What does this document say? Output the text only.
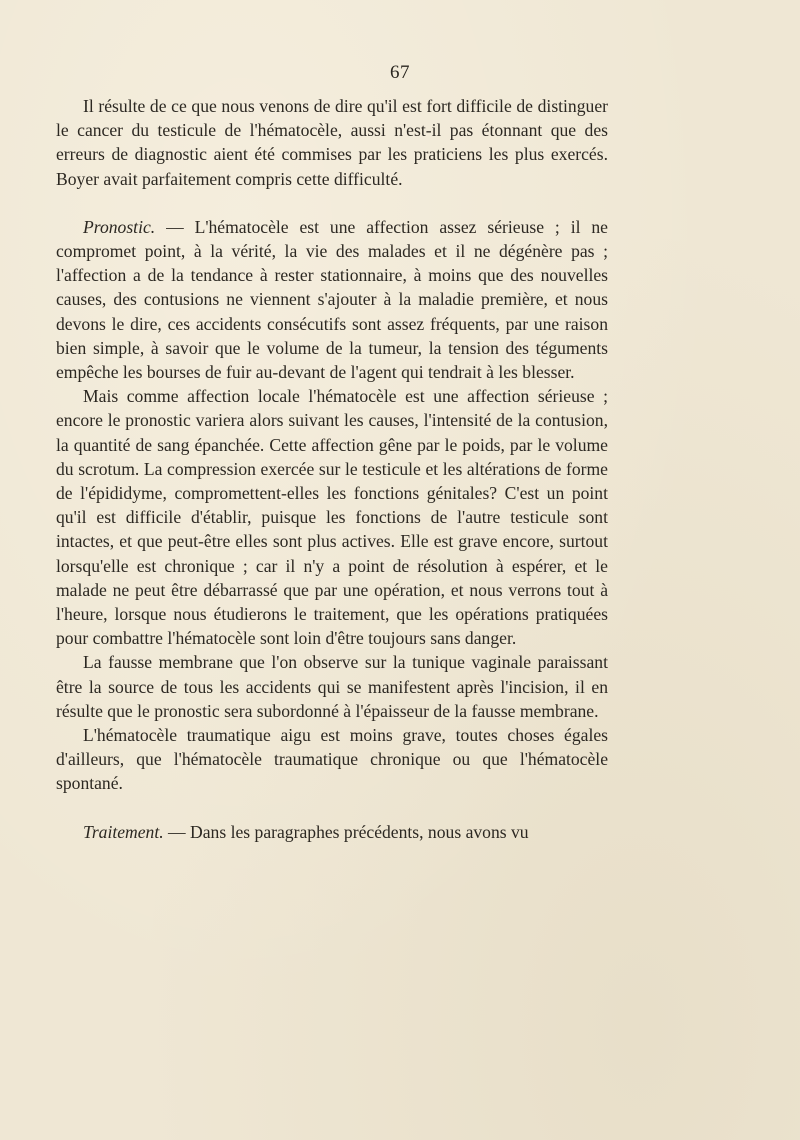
67

Il résulte de ce que nous venons de dire qu'il est fort difficile de distinguer le cancer du testicule de l'hématocèle, aussi n'est-il pas étonnant que des erreurs de diagnostic aient été commises par les praticiens les plus exercés. Boyer avait parfaitement compris cette difficulté.

Pronostic. — L'hématocèle est une affection assez sérieuse ; il ne compromet point, à la vérité, la vie des malades et il ne dégénère pas ; l'affection a de la tendance à rester stationnaire, à moins que des nouvelles causes, des contusions ne viennent s'ajouter à la maladie première, et nous devons le dire, ces accidents consécutifs sont assez fréquents, par une raison bien simple, à savoir que le volume de la tumeur, la tension des téguments empêche les bourses de fuir au-devant de l'agent qui tendrait à les blesser.

Mais comme affection locale l'hématocèle est une affection sérieuse ; encore le pronostic variera alors suivant les causes, l'intensité de la contusion, la quantité de sang épanchée. Cette affection gêne par le poids, par le volume du scrotum. La compression exercée sur le testicule et les altérations de forme de l'épididyme, compromettent-elles les fonctions génitales? C'est un point qu'il est difficile d'établir, puisque les fonctions de l'autre testicule sont intactes, et que peut-être elles sont plus actives. Elle est grave encore, surtout lorsqu'elle est chronique ; car il n'y a point de résolution à espérer, et le malade ne peut être débarrassé que par une opération, et nous verrons tout à l'heure, lorsque nous étudierons le traitement, que les opérations pratiquées pour combattre l'hématocèle sont loin d'être toujours sans danger.

La fausse membrane que l'on observe sur la tunique vaginale paraissant être la source de tous les accidents qui se manifestent après l'incision, il en résulte que le pronostic sera subordonné à l'épaisseur de la fausse membrane.

L'hématocèle traumatique aigu est moins grave, toutes choses égales d'ailleurs, que l'hématocèle traumatique chronique ou que l'hématocèle spontané.

Traitement. — Dans les paragraphes précédents, nous avons vu
